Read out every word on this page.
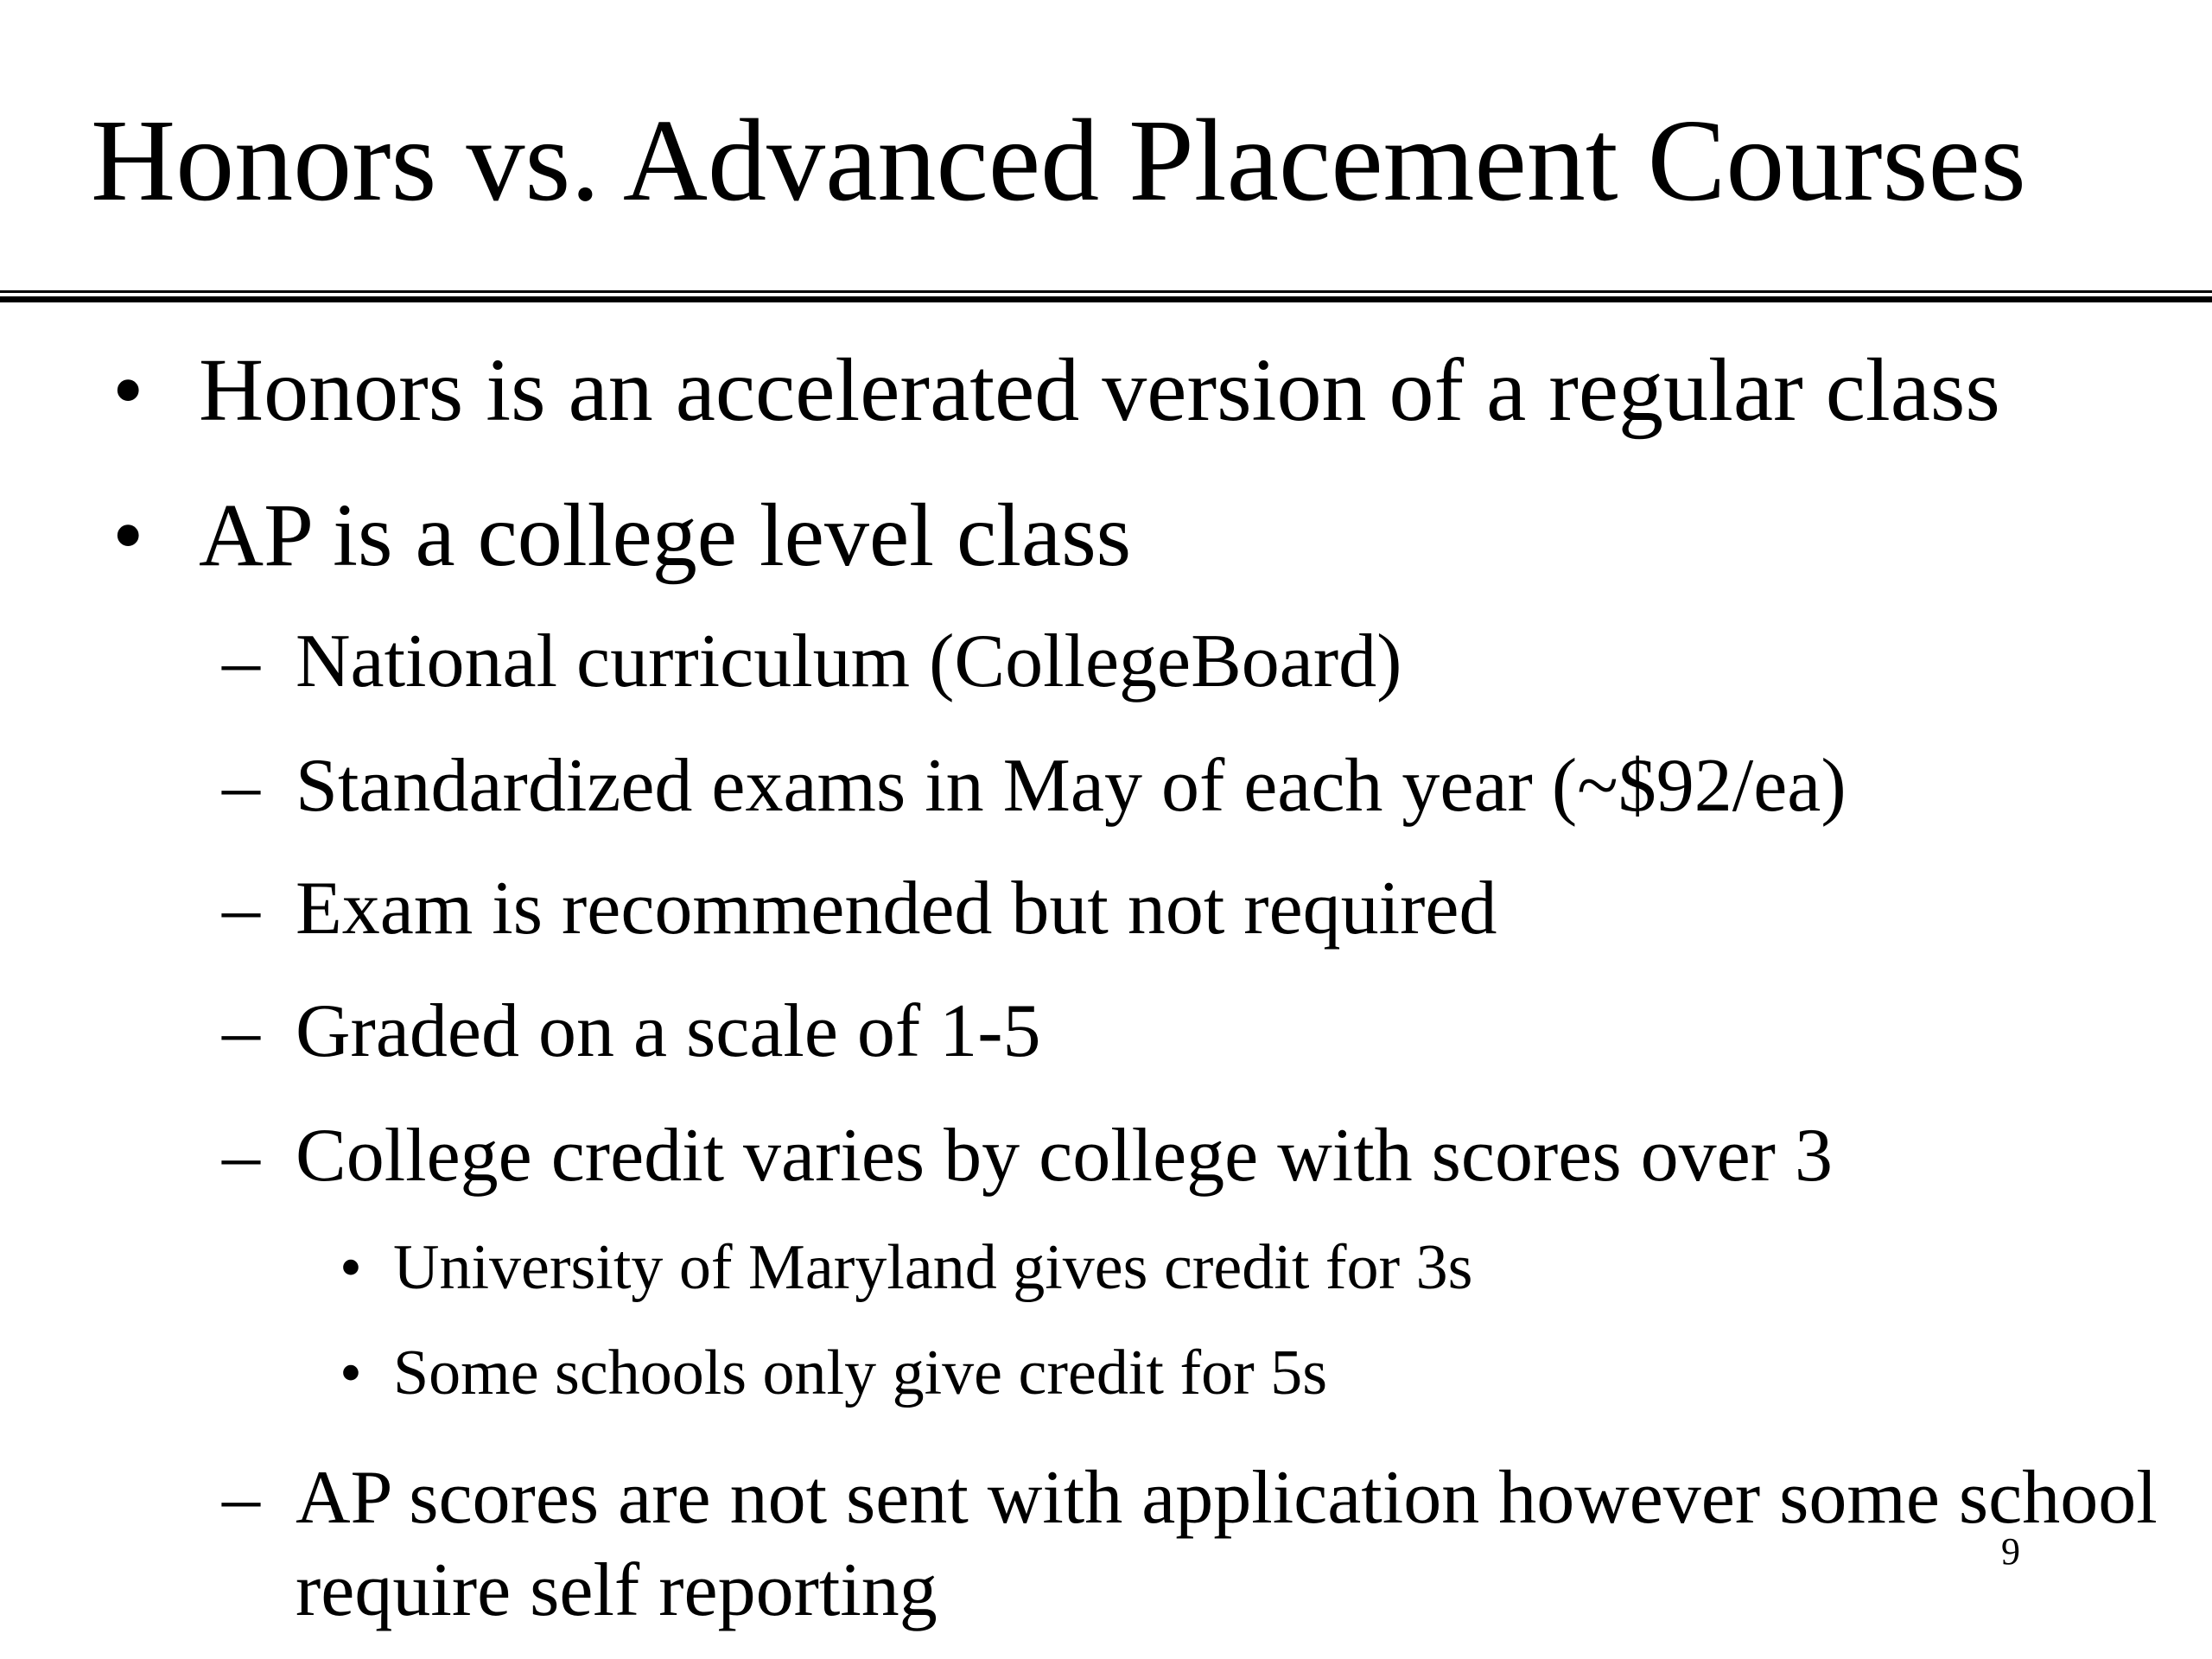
Honors vs. Advanced Placement Courses
• Honors is an accelerated version of a regular class
• AP is a college level class
– National curriculum (CollegeBoard)
– Standardized exams in May of each year (~$92/ea)
– Exam is recommended but not required
– Graded on a scale of 1-5
– College credit varies by college with scores over 3
• University of Maryland gives credit for 3s
• Some schools only give credit for 5s
– AP scores are not sent with application however some school require self reporting	9
